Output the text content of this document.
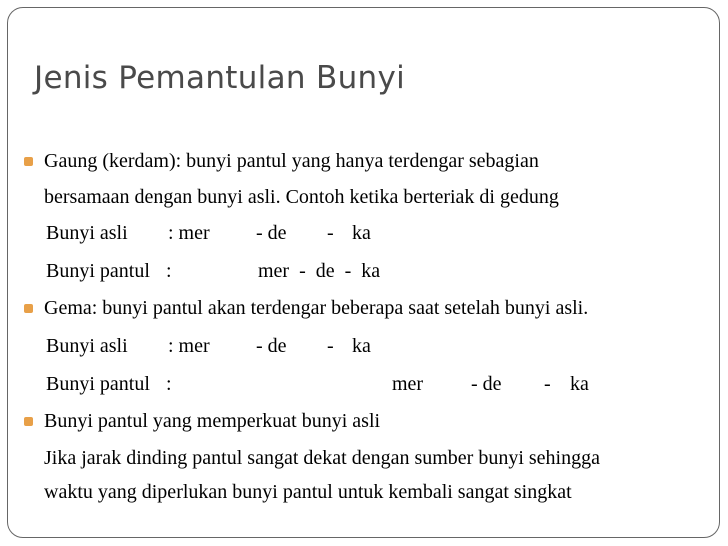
Jenis Pemantulan Bunyi
Gaung (kerdam): bunyi pantul yang hanya terdengar sebagian
bersamaan dengan bunyi asli. Contoh ketika berteriak di gedung
Bunyi asli : mer - de - ka
Bunyi pantul :	mer  -  de  -  ka
Gema: bunyi pantul akan terdengar beberapa saat setelah bunyi asli.
Bunyi asli : mer - de - ka
Bunyi pantul :	mer - de - ka
Bunyi pantul yang memperkuat bunyi asli
Jika jarak dinding pantul sangat dekat dengan sumber bunyi sehingga
waktu yang diperlukan bunyi pantul untuk kembali sangat singkat
